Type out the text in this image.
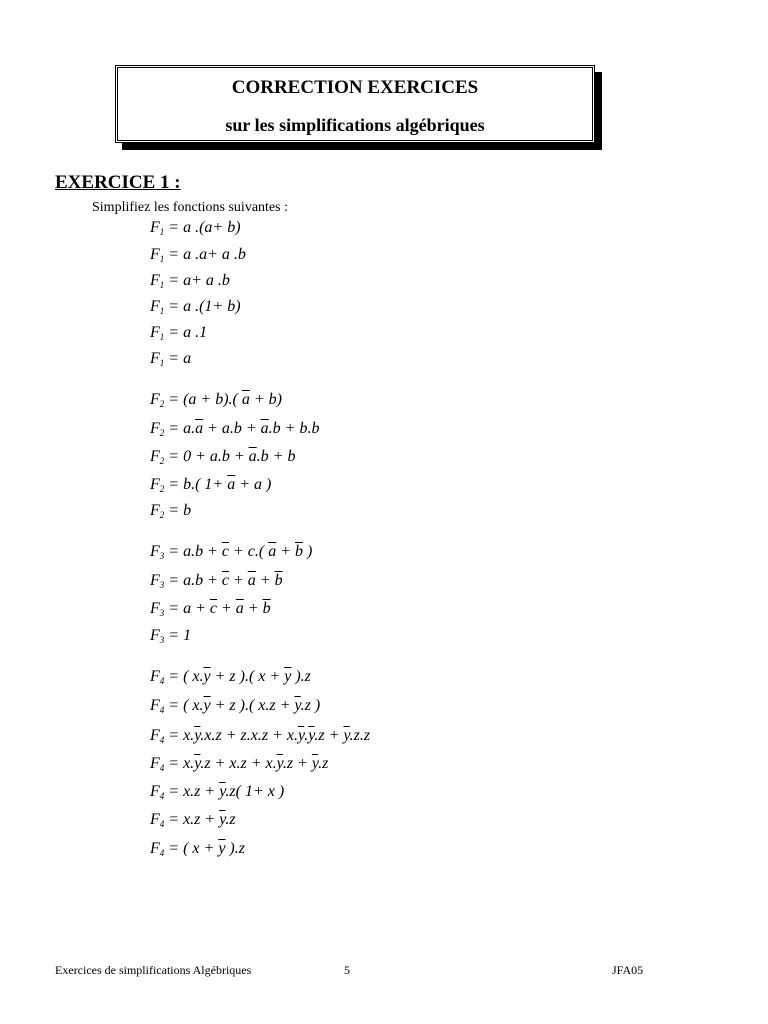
CORRECTION EXERCICES
sur les simplifications algébriques
EXERCICE 1 :
Simplifiez les fonctions suivantes :
$F_1 = a$ .(a+ b)
$F_1 = a$ .a+ a .b
$F_1 = a+ a$ .b
$F_1 = a$ .(1+ b)
$F_1 = a$ .1
$F_1 = a$
$F_2 = (a + b)$.( $\overline{a} + b$)
$F_2 = a.\overline{a} + a.b + \overline{a}.b + b.b$
$F_2 = 0 + a.b + \overline{a}.b + b$
$F_2 = b$.( $1+ \overline{a} + a$ )
$F_2 = b$
$F_3 = a.b + \overline{c} + c$.( $\overline{a} + \overline{b}$ )
$F_3 = a.b + \overline{c} + \overline{a} + \overline{b}$
$F_3 = a + \overline{c} + \overline{a} + \overline{b}$
$F_3 = 1$
$F_4$ = ( $x.\overline{y} + z$ ).( $x + \overline{y}$ ).z
$F_4$ = ( $x.\overline{y} + z$ ).( $x.z + \overline{y}.z$ )
$F_4 = x.\overline{y}.x.z + z.x.z + x.\overline{y}.\overline{y}.z + \overline{y}.z.z$
$F_4 = x.\overline{y}.z + x.z + x.\overline{y}.z + \overline{y}.z$
$F_4 = x.z + \overline{y}.z$( 1+ x )
$F_4 = x.z + \overline{y}.z$
$F_4$ = ( $x + \overline{y}$ ).z
Exercices de simplifications Algébriques	5	JFA05
